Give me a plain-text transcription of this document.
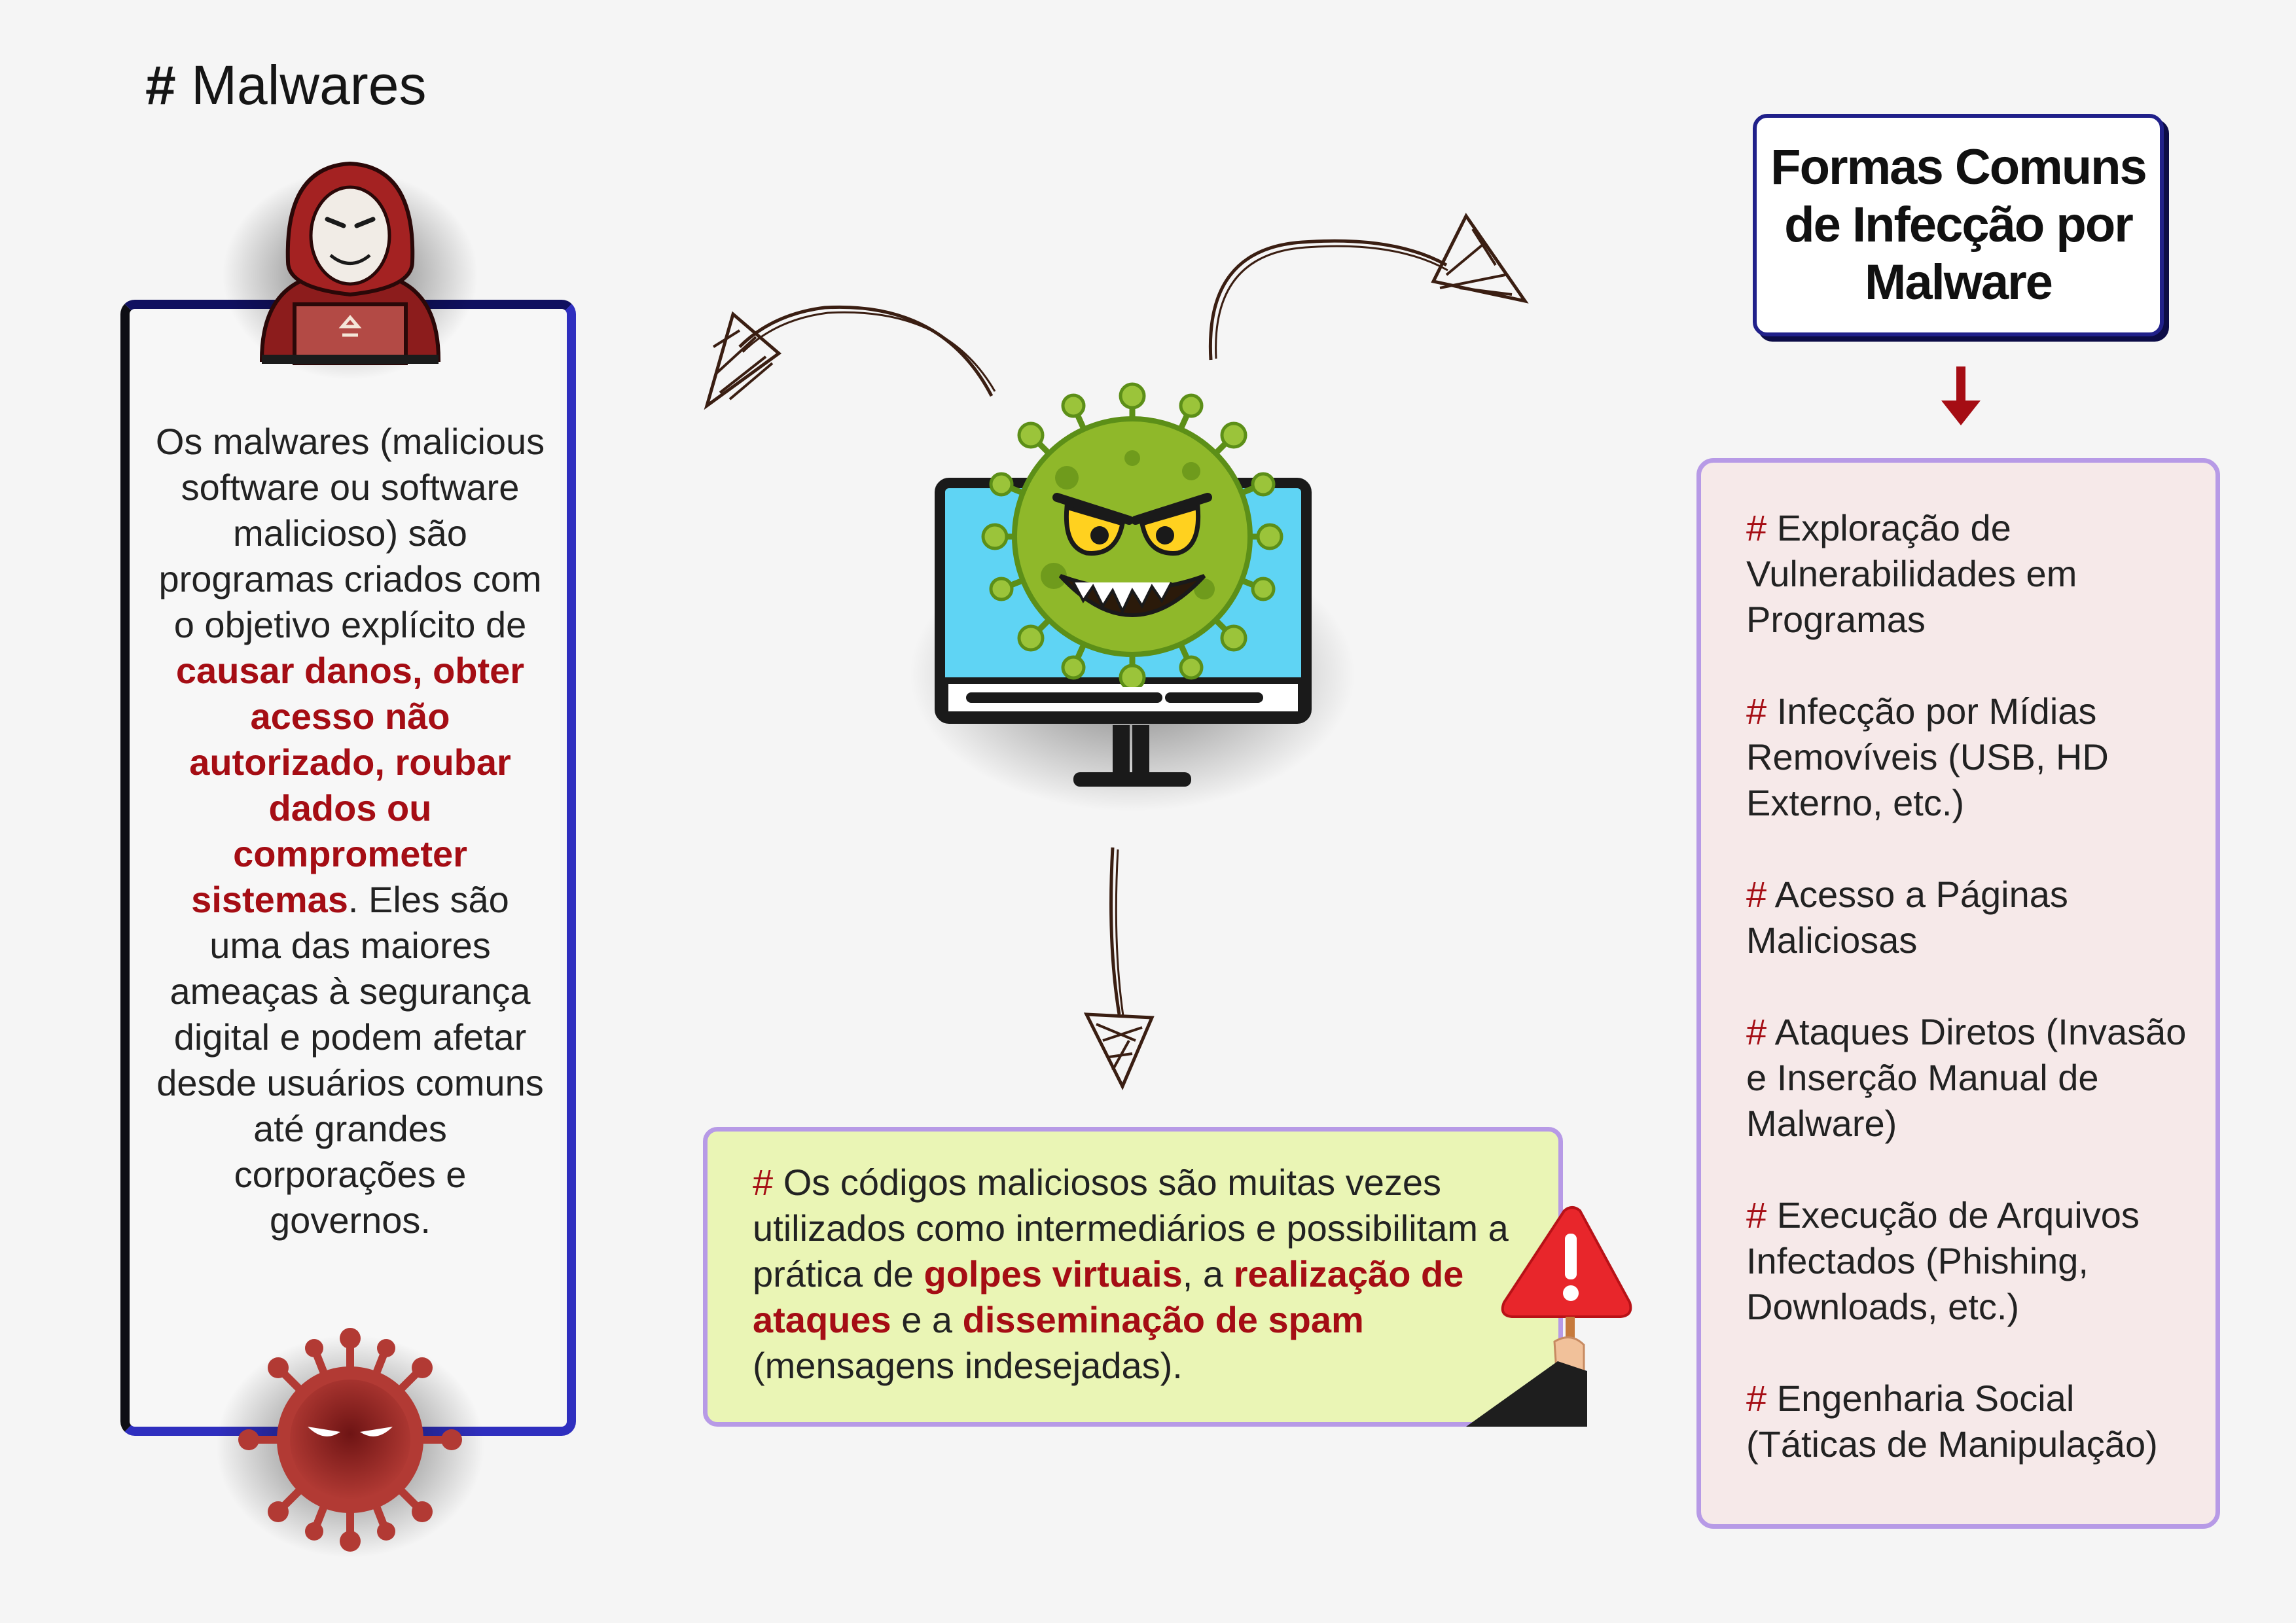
# Malwares
Os malwares (malicious software ou software malicioso) são programas criados com o objetivo explícito de causar danos, obter acesso não autorizado, roubar dados ou comprometer sistemas. Eles são uma das maiores ameaças à segurança digital e podem afetar desde usuários comuns até grandes corporações e governos.
Formas Comuns de Infecção por Malware
# Exploração de Vulnerabilidades em Programas
# Infecção por Mídias Removíveis (USB, HD Externo, etc.)
# Acesso a Páginas Maliciosas
# Ataques Diretos (Invasão e Inserção Manual de Malware)
# Execução de Arquivos Infectados (Phishing, Downloads, etc.)
# Engenharia Social (Táticas de Manipulação)
# Os códigos maliciosos são muitas vezes utilizados como intermediários e possibilitam a prática de golpes virtuais, a realização de ataques e a disseminação de spam (mensagens indesejadas).
